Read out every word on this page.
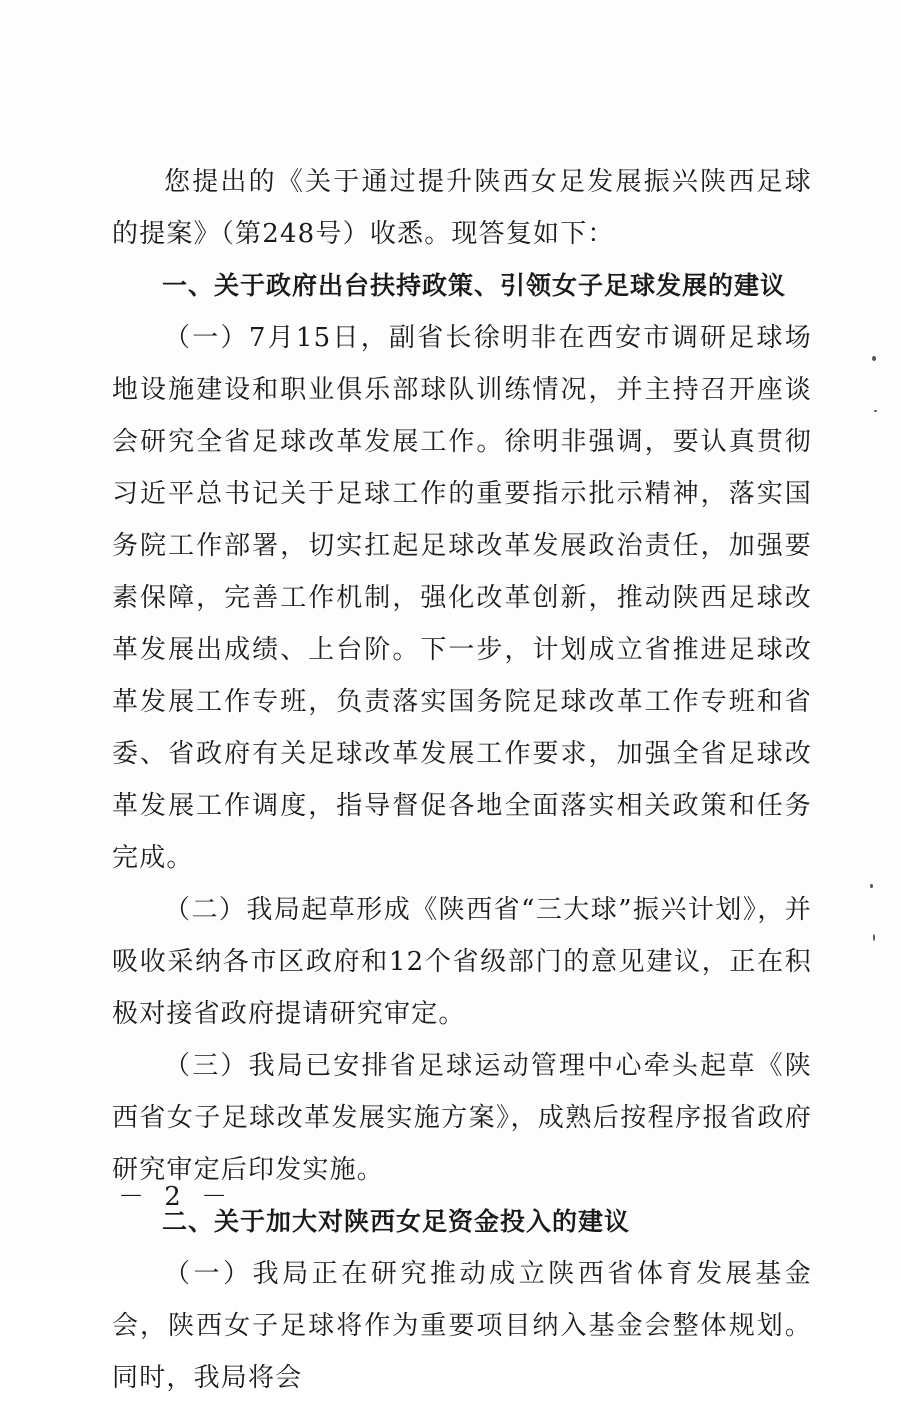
您提出的《关于通过提升陕西女足发展振兴陕西足球的提案》（第248号）收悉。现答复如下：

一、关于政府出台扶持政策、引领女子足球发展的建议

（一）7月15日，副省长徐明非在西安市调研足球场地设施建设和职业俱乐部球队训练情况，并主持召开座谈会研究全省足球改革发展工作。徐明非强调，要认真贯彻习近平总书记关于足球工作的重要指示批示精神，落实国务院工作部署，切实扛起足球改革发展政治责任，加强要素保障，完善工作机制，强化改革创新，推动陕西足球改革发展出成绩、上台阶。下一步，计划成立省推进足球改革发展工作专班，负责落实国务院足球改革工作专班和省委、省政府有关足球改革发展工作要求，加强全省足球改革发展工作调度，指导督促各地全面落实相关政策和任务完成。

（二）我局起草形成《陕西省“三大球”振兴计划》，并吸收采纳各市区政府和12个省级部门的意见建议，正在积极对接省政府提请研究审定。

（三）我局已安排省足球运动管理中心牵头起草《陕西省女子足球改革发展实施方案》，成熟后按程序报省政府研究审定后印发实施。

二、关于加大对陕西女足资金投入的建议

（一）我局正在研究推动成立陕西省体育发展基金会，陕西女子足球将作为重要项目纳入基金会整体规划。同时，我局将会

－ 2 －
